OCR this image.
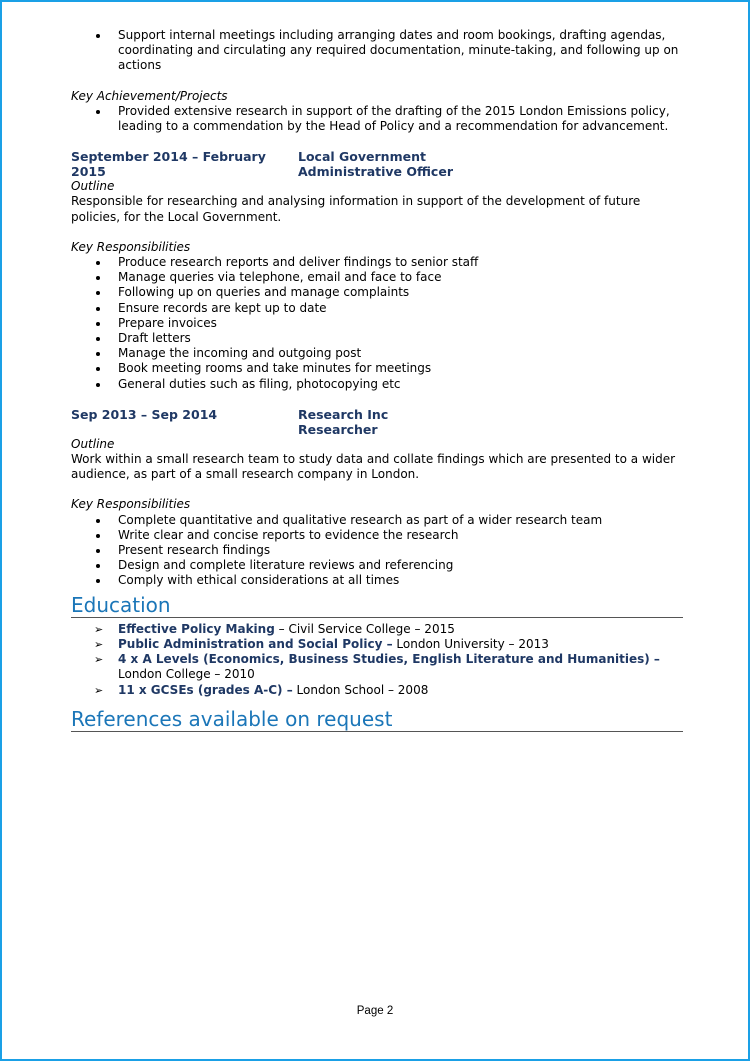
Support internal meetings including arranging dates and room bookings, drafting agendas, coordinating and circulating any required documentation, minute-taking, and following up on actions
Key Achievement/Projects
Provided extensive research in support of the drafting of the 2015 London Emissions policy, leading to a commendation by the Head of Policy and a recommendation for advancement.
September 2014 – February 2015
Local Government
Administrative Officer
Outline
Responsible for researching and analysing information in support of the development of future policies, for the Local Government.
Key Responsibilities
Produce research reports and deliver findings to senior staff
Manage queries via telephone, email and face to face
Following up on queries and manage complaints
Ensure records are kept up to date
Prepare invoices
Draft letters
Manage the incoming and outgoing post
Book meeting rooms and take minutes for meetings
General duties such as filing, photocopying etc
Sep 2013 – Sep 2014	Research Inc
Researcher
Outline
Work within a small research team to study data and collate findings which are presented to a wider audience, as part of a small research company in London.
Key Responsibilities
Complete quantitative and qualitative research as part of a wider research team
Write clear and concise reports to evidence the research
Present research findings
Design and complete literature reviews and referencing
Comply with ethical considerations at all times
Education
➢ Effective Policy Making – Civil Service College – 2015
➢ Public Administration and Social Policy – London University – 2013
➢ 4 x A Levels (Economics, Business Studies, English Literature and Humanities) – London College – 2010
➢ 11 x GCSEs (grades A-C) – London School – 2008
References available on request
Page 2
